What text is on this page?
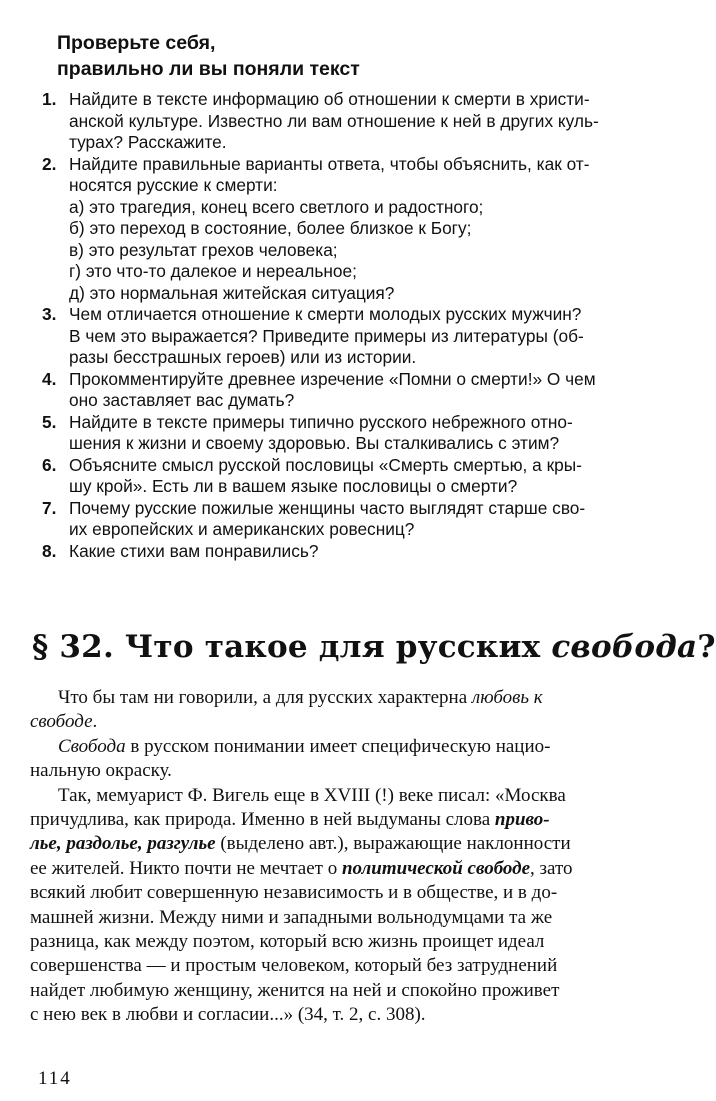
Проверьте себя,
правильно ли вы поняли текст
1. Найдите в тексте информацию об отношении к смерти в христи-
анской культуре. Известно ли вам отношение к ней в других куль-
турах? Расскажите.
2. Найдите правильные варианты ответа, чтобы объяснить, как от-
носятся русские к смерти:
а) это трагедия, конец всего светлого и радостного;
б) это переход в состояние, более близкое к Богу;
в) это результат грехов человека;
г) это что-то далекое и нереальное;
д) это нормальная житейская ситуация?
3. Чем отличается отношение к смерти молодых русских мужчин?
В чем это выражается? Приведите примеры из литературы (об-
разы бесстрашных героев) или из истории.
4. Прокомментируйте древнее изречение «Помни о смерти!» О чем
оно заставляет вас думать?
5. Найдите в тексте примеры типично русского небрежного отно-
шения к жизни и своему здоровью. Вы сталкивались с этим?
6. Объясните смысл русской пословицы «Смерть смертью, а кры-
шу крой». Есть ли в вашем языке пословицы о смерти?
7. Почему русские пожилые женщины часто выглядят старше сво-
их европейских и американских ровесниц?
8. Какие стихи вам понравились?
§ 32. Что такое для русских свобода?
Что бы там ни говорили, а для русских характерна любовь к
свободе.
Свобода в русском понимании имеет специфическую нацио-
нальную окраску.
Так, мемуарист Ф. Вигель еще в XVIII (!) веке писал: «Москва
причудлива, как природа. Именно в ней выдуманы слова приво-
лье, раздолье, разгулье (выделено авт.), выражающие наклонности
ее жителей. Никто почти не мечтает о политической свободе, зато
всякий любит совершенную независимость и в обществе, и в до-
машней жизни. Между ними и западными вольнодумцами та же
разница, как между поэтом, который всю жизнь проищет идеал
совершенства — и простым человеком, который без затруднений
найдет любимую женщину, женится на ней и спокойно проживет
с нею век в любви и согласии...» (34, т. 2, с. 308).
114
